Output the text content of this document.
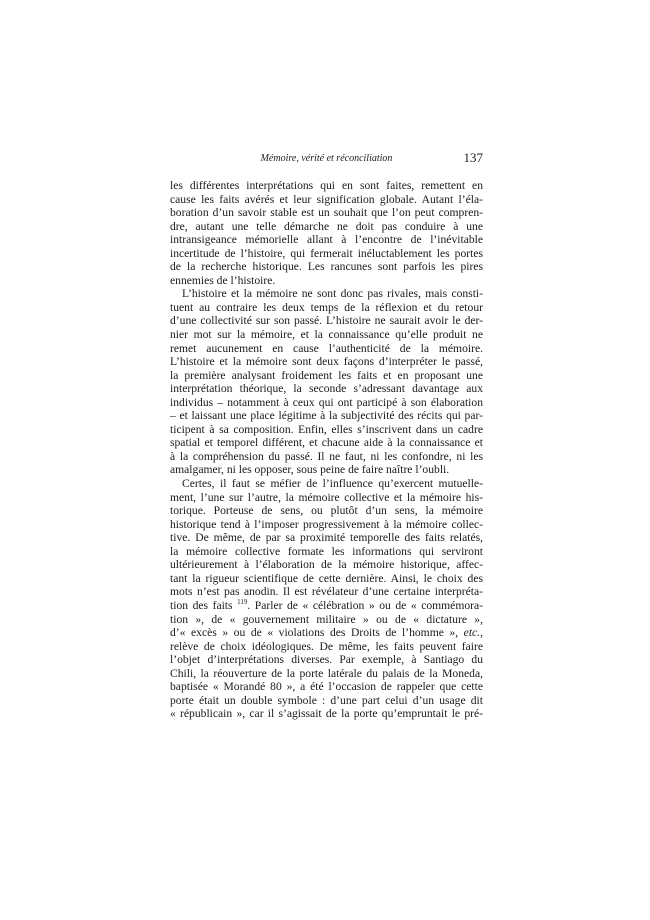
Mémoire, vérité et réconciliation	137

les différentes interprétations qui en sont faites, remettent en
cause les faits avérés et leur signification globale. Autant l’éla-
boration d’un savoir stable est un souhait que l’on peut compren-
dre, autant une telle démarche ne doit pas conduire à une
intransigeance mémorielle allant à l’encontre de l’inévitable
incertitude de l’histoire, qui fermerait inéluctablement les portes
de la recherche historique. Les rancunes sont parfois les pires
ennemies de l’histoire.

L’histoire et la mémoire ne sont donc pas rivales, mais consti-
tuent au contraire les deux temps de la réflexion et du retour
d’une collectivité sur son passé. L’histoire ne saurait avoir le der-
nier mot sur la mémoire, et la connaissance qu’elle produit ne
remet aucunement en cause l’authenticité de la mémoire.
L’histoire et la mémoire sont deux façons d’interpréter le passé,
la première analysant froidement les faits et en proposant une
interprétation théorique, la seconde s’adressant davantage aux
individus – notamment à ceux qui ont participé à son élaboration
– et laissant une place légitime à la subjectivité des récits qui par-
ticipent à sa composition. Enfin, elles s’inscrivent dans un cadre
spatial et temporel différent, et chacune aide à la connaissance et
à la compréhension du passé. Il ne faut, ni les confondre, ni les
amalgamer, ni les opposer, sous peine de faire naître l’oubli.

Certes, il faut se méfier de l’influence qu’exercent mutuelle-
ment, l’une sur l’autre, la mémoire collective et la mémoire his-
torique. Porteuse de sens, ou plutôt d’un sens, la mémoire
historique tend à l’imposer progressivement à la mémoire collec-
tive. De même, de par sa proximité temporelle des faits relatés,
la mémoire collective formate les informations qui serviront
ultérieurement à l’élaboration de la mémoire historique, affec-
tant la rigueur scientifique de cette dernière. Ainsi, le choix des
mots n’est pas anodin. Il est révélateur d’une certaine interpréta-
tion des faits $^{119}$. Parler de « célébration » ou de « commémora-
tion », de « gouvernement militaire » ou de « dictature »,
d’« excès » ou de « violations des Droits de l’homme », etc.,
relève de choix idéologiques. De même, les faits peuvent faire
l’objet d’interprétations diverses. Par exemple, à Santiago du
Chili, la réouverture de la porte latérale du palais de la Moneda,
baptisée « Morandé 80 », a été l’occasion de rappeler que cette
porte était un double symbole : d’une part celui d’un usage dit
« républicain », car il s’agissait de la porte qu’empruntait le pré-
